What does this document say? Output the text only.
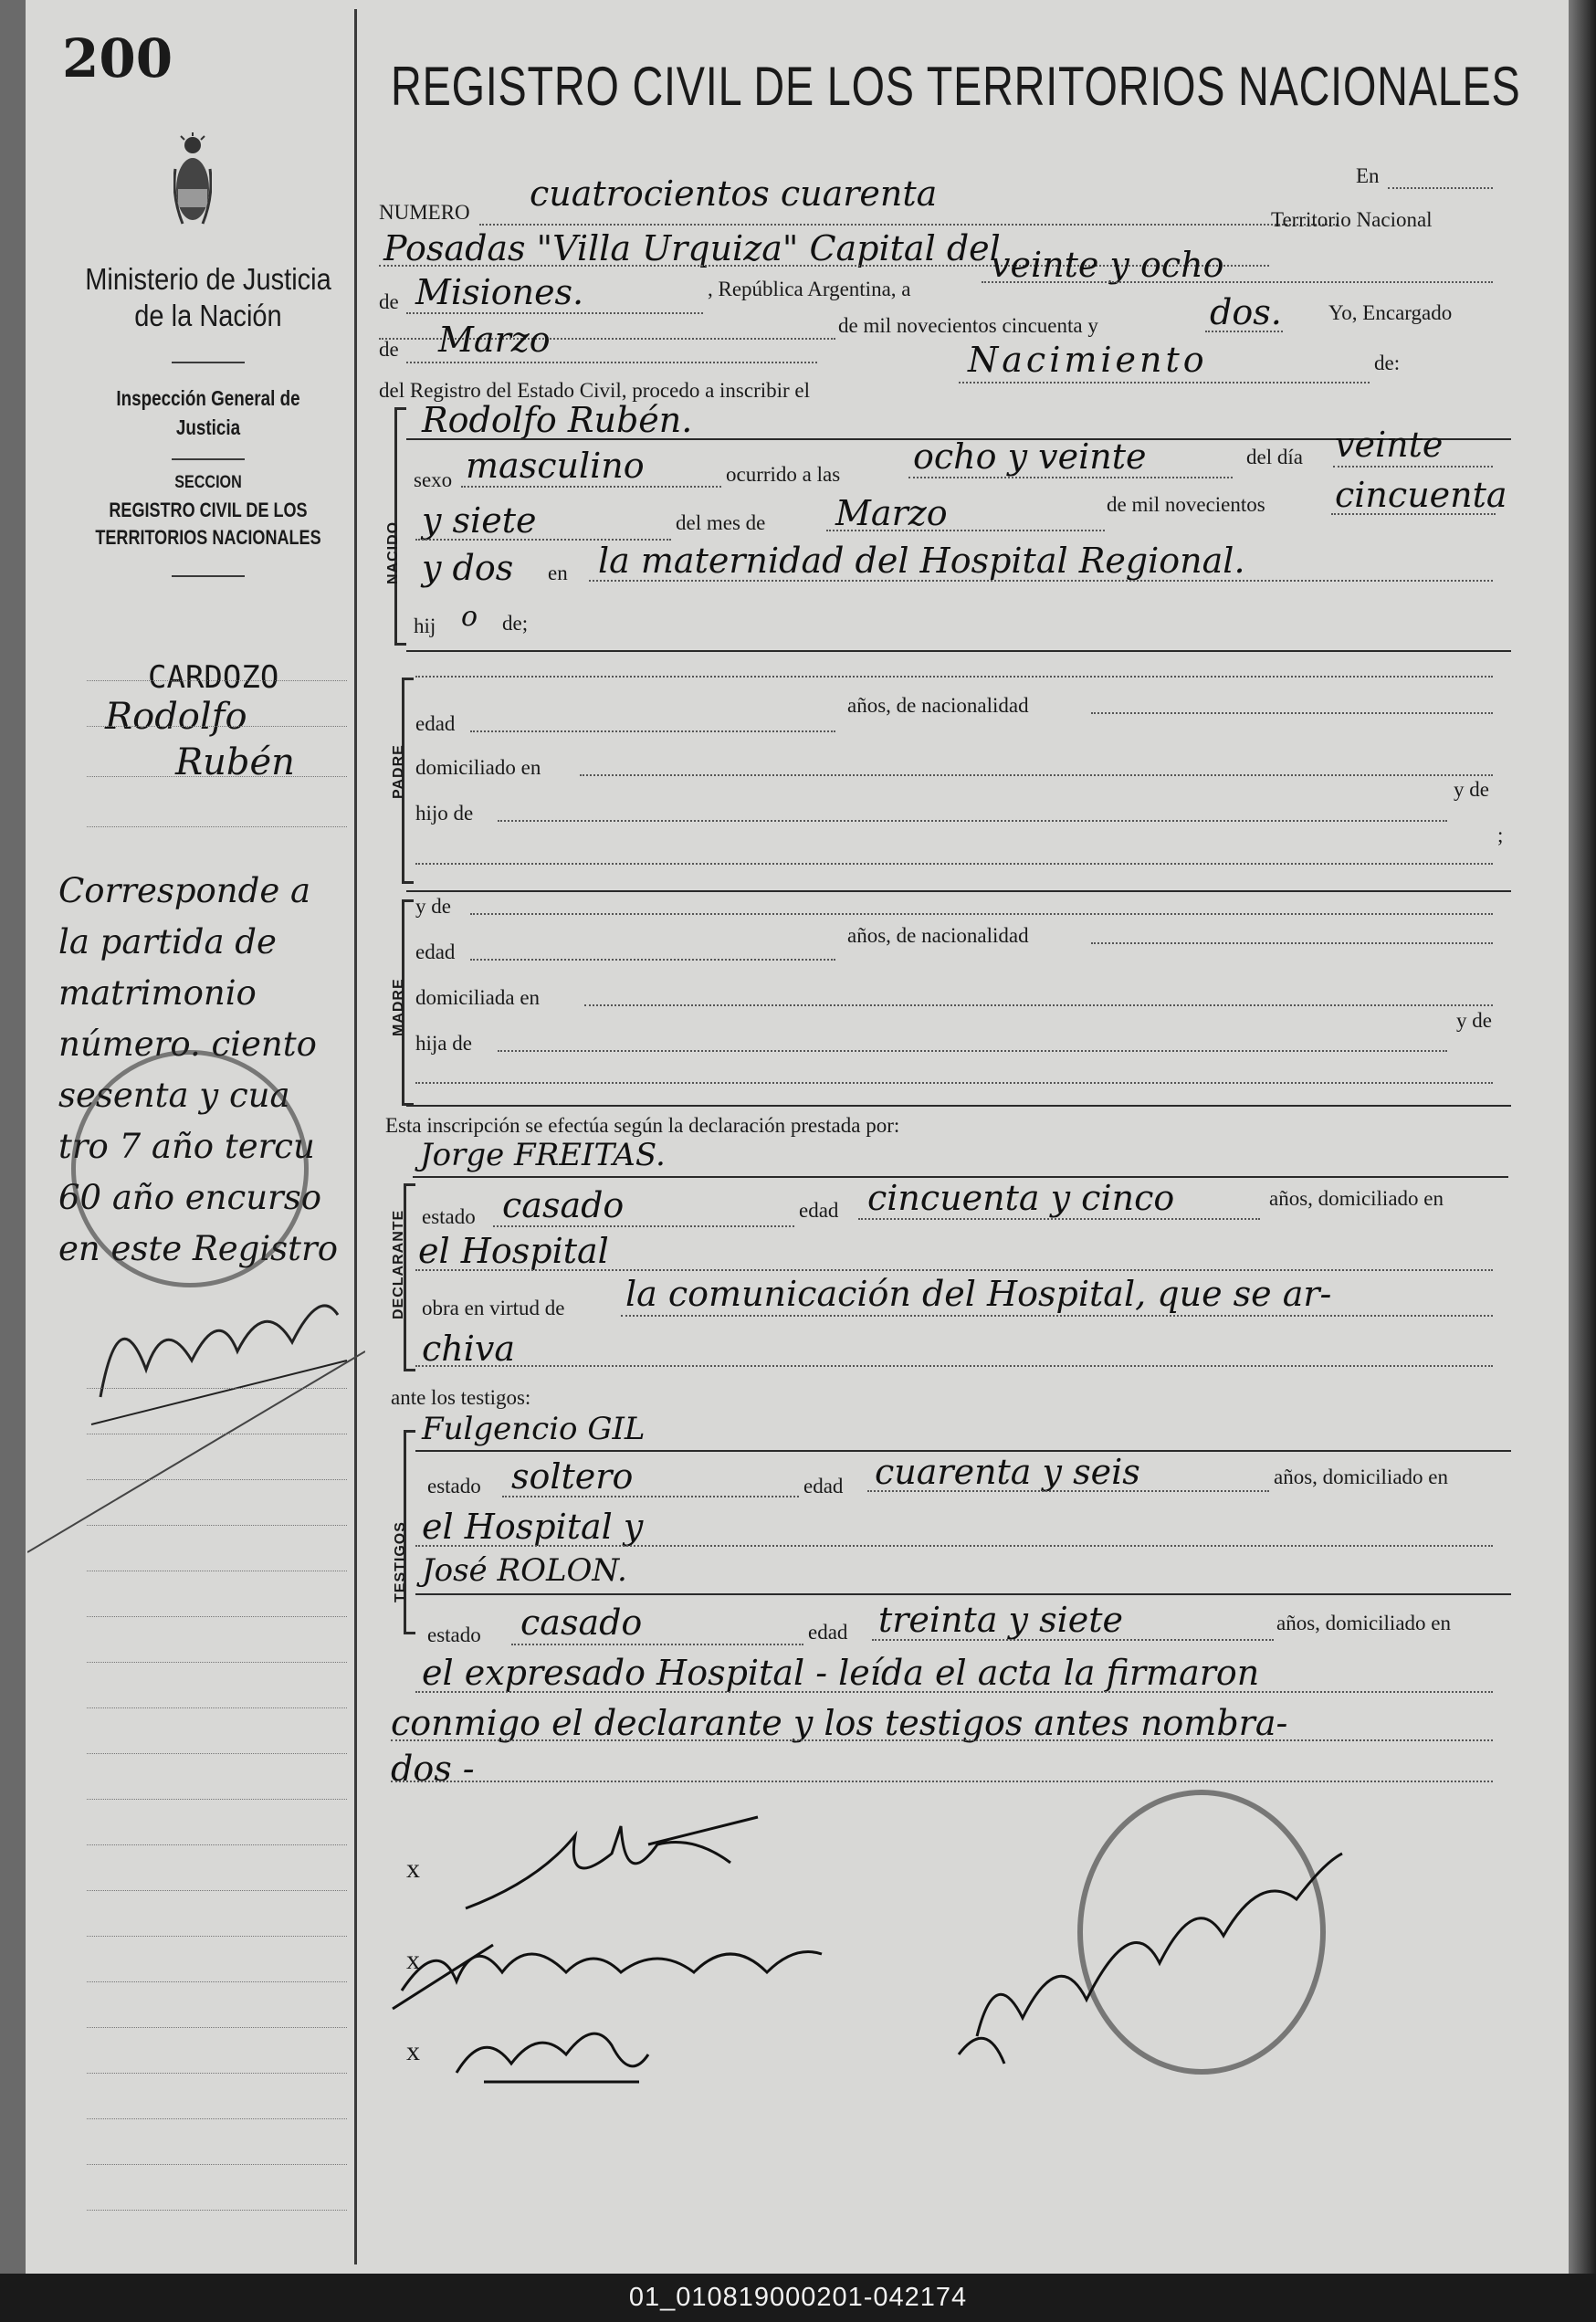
200
Ministerio de Justicia de la Nación
Inspección General de Justicia
SECCION
REGISTRO CIVIL DE LOS TERRITORIOS NACIONALES
CARDOZO
Rodolfo
Rubén
Corresponde a
la partida de
matrimonio
número. ciento
sesenta y cua
tro 7 año tercu
60 año encurso
en este Registro
REGISTRO CIVIL DE LOS TERRITORIOS NACIONALES
NUMERO cuatrocientos cuarenta	En
Posadas "Villa Urquiza" Capital del
Territorio Nacional
de Misiones.	, República Argentina, a
veinte y ocho
de mil novecientos cincuenta y	dos. Yo, Encargado
de Marzo
del Registro del Estado Civil, procedo a inscribir el
Nacimiento	de:
NACIDO
Rodolfo Rubén.
sexo masculino	ocurrido a las ocho y veinte	del día veinte
y siete	del mes de Marzo	de mil novecientos cincuenta
y dos en la maternidad del Hospital Regional.
hij o de;
PADRE
edad
años, de nacionalidad
domiciliado en
hijo de
y de
;
MADRE
y de
edad
años, de nacionalidad
domiciliada en
hija de
y de
Esta inscripción se efectúa según la declaración prestada por:
Jorge FREITAS.
DECLARANTE estado casado	edad cincuenta y cinco	años, domiciliado en
el Hospital
obra en virtud de la comunicación del Hospital, que se ar-
chiva
ante los testigos:
Fulgencio GIL
TESTIGOS
estado soltero	edad cuarenta y seis	años, domiciliado en
el Hospital y
José ROLON.
estado casado	edad treinta y siete	años, domiciliado en
el expresado Hospital - leída el acta la firmaron
conmigo el declarante y los testigos antes nombra-
dos -
x
x
x
01_010819000201-042174
